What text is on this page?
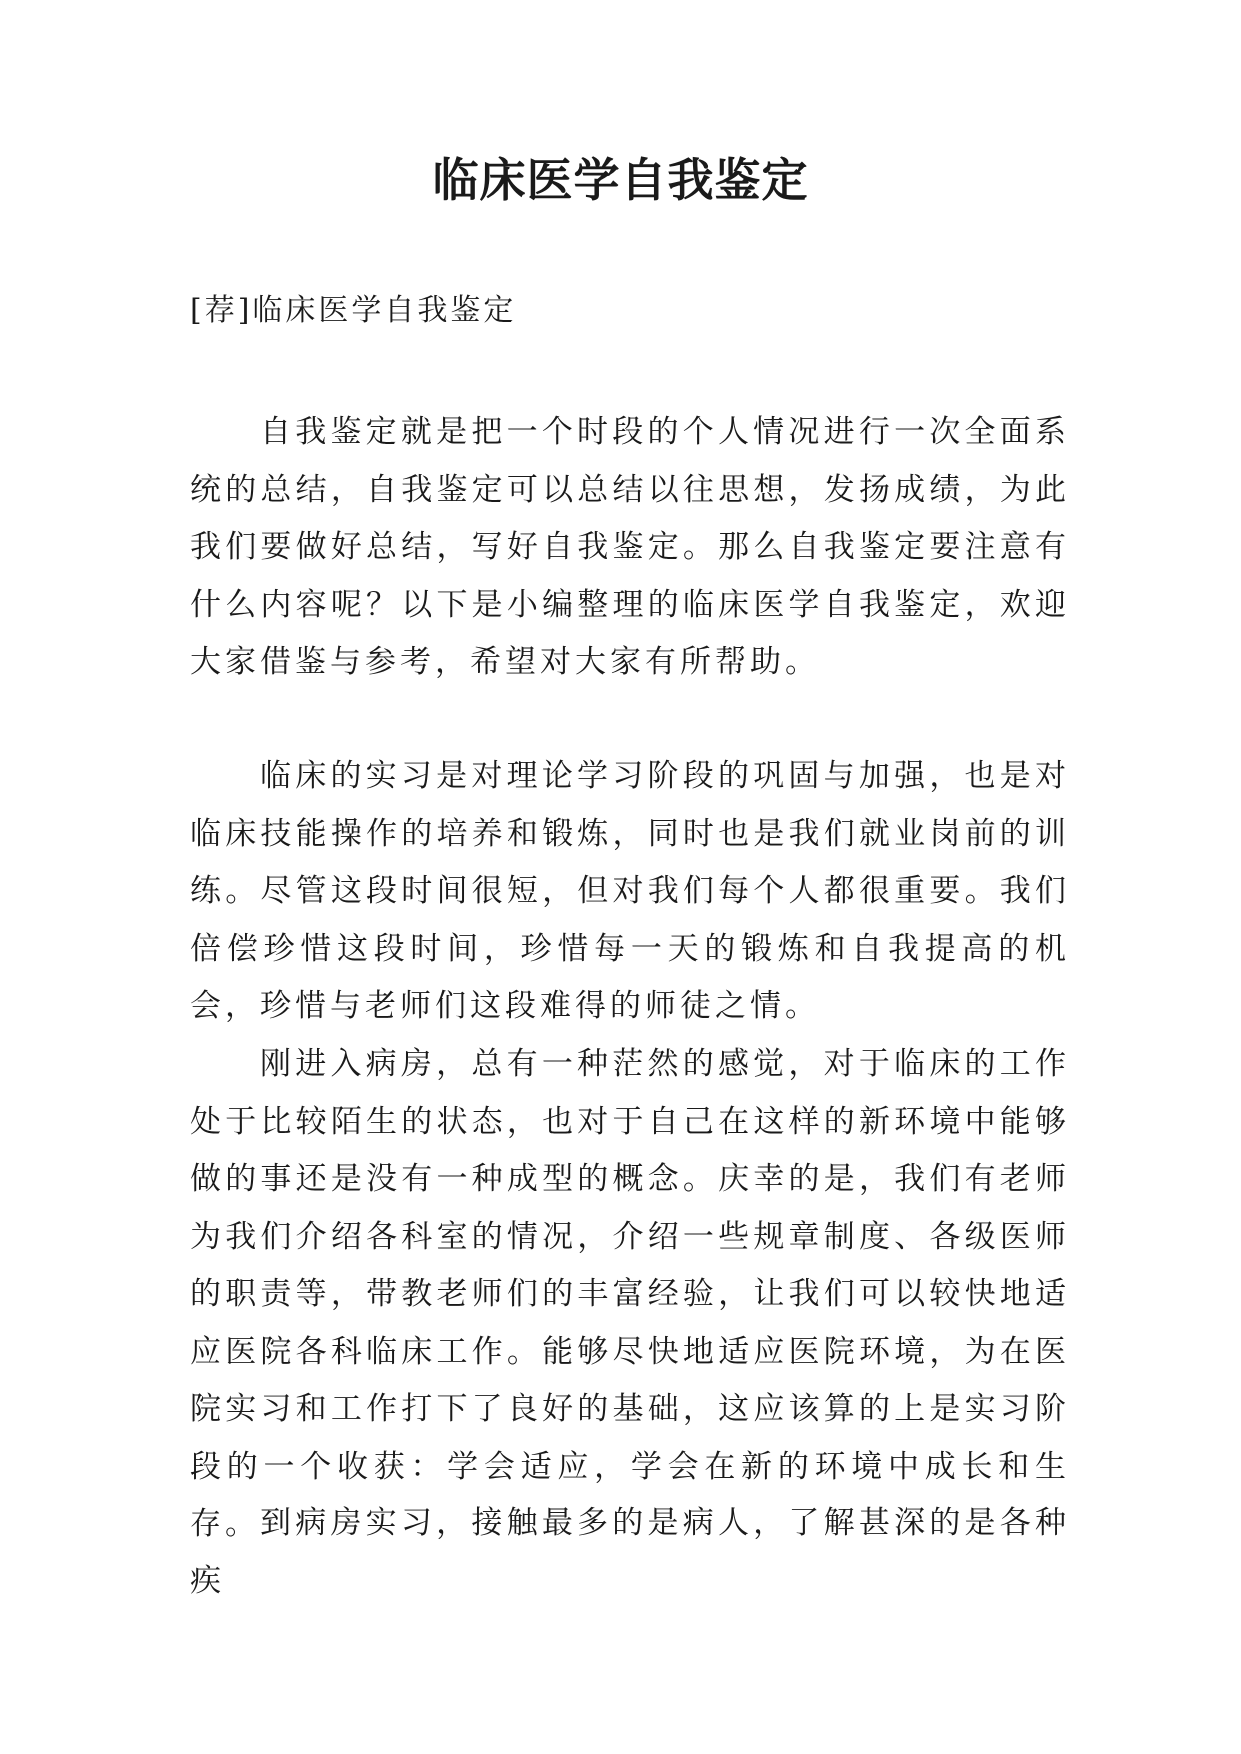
临床医学自我鉴定

[荐]临床医学自我鉴定

自我鉴定就是把一个时段的个人情况进行一次全面系统的总结，自我鉴定可以总结以往思想，发扬成绩，为此我们要做好总结，写好自我鉴定。那么自我鉴定要注意有什么内容呢？以下是小编整理的临床医学自我鉴定，欢迎大家借鉴与参考，希望对大家有所帮助。

临床的实习是对理论学习阶段的巩固与加强，也是对临床技能操作的培养和锻炼，同时也是我们就业岗前的训练。尽管这段时间很短，但对我们每个人都很重要。我们倍偿珍惜这段时间，珍惜每一天的锻炼和自我提高的机会，珍惜与老师们这段难得的师徒之情。

刚进入病房，总有一种茫然的感觉，对于临床的工作处于比较陌生的状态，也对于自己在这样的新环境中能够做的事还是没有一种成型的概念。庆幸的是，我们有老师为我们介绍各科室的情况，介绍一些规章制度、各级医师的职责等，带教老师们的丰富经验，让我们可以较快地适应医院各科临床工作。能够尽快地适应医院环境，为在医院实习和工作打下了良好的基础，这应该算的上是实习阶段的一个收获：学会适应，学会在新的环境中成长和生存。 到病房实习，接触最多的是病人，了解甚深的是各种疾
